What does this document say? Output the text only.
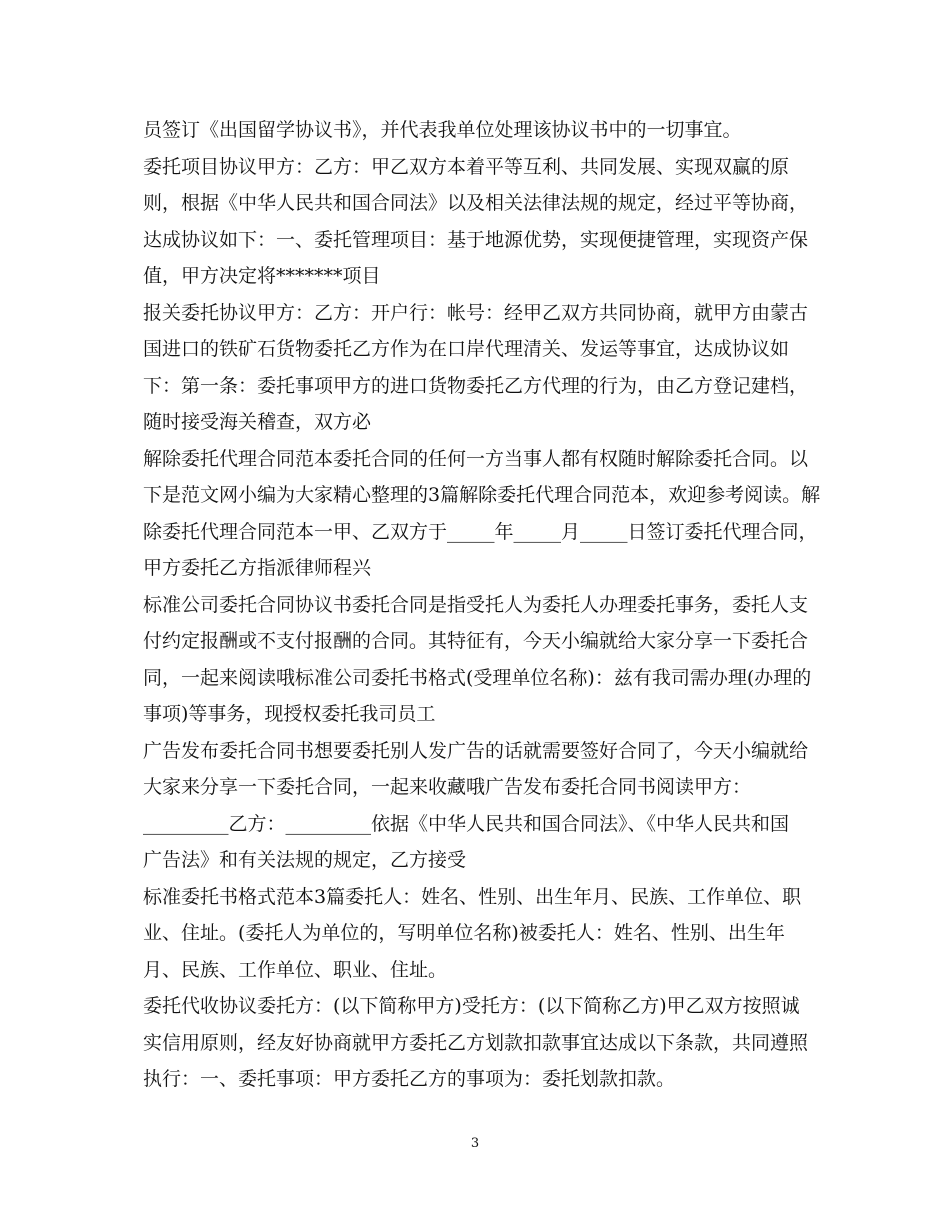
员签订《出国留学协议书》，并代表我单位处理该协议书中的一切事宜。

委托项目协议甲方：乙方：甲乙双方本着平等互利、共同发展、实现双赢的原
则，根据《中华人民共和国合同法》以及相关法律法规的规定，经过平等协商，
达成协议如下：一、委托管理项目：基于地源优势，实现便捷管理，实现资产保
值，甲方决定将*******项目

报关委托协议甲方：乙方：开户行：帐号：经甲乙双方共同协商，就甲方由蒙古
国进口的铁矿石货物委托乙方作为在口岸代理清关、发运等事宜，达成协议如
下：第一条：委托事项甲方的进口货物委托乙方代理的行为，由乙方登记建档，
随时接受海关稽查，双方必

解除委托代理合同范本委托合同的任何一方当事人都有权随时解除委托合同。以
下是范文网小编为大家精心整理的3篇解除委托代理合同范本，欢迎参考阅读。解
除委托代理合同范本一甲、乙双方于_____年_____月_____日签订委托代理合同，
甲方委托乙方指派律师程兴

标准公司委托合同协议书委托合同是指受托人为委托人办理委托事务，委托人支
付约定报酬或不支付报酬的合同。其特征有，今天小编就给大家分享一下委托合
同，一起来阅读哦标准公司委托书格式(受理单位名称)：兹有我司需办理(办理的
事项)等事务，现授权委托我司员工

广告发布委托合同书想要委托别人发广告的话就需要签好合同了，今天小编就给
大家来分享一下委托合同，一起来收藏哦广告发布委托合同书阅读甲方：
_________乙方：_________依据《中华人民共和国合同法》、《中华人民共和国
广告法》和有关法规的规定，乙方接受

标准委托书格式范本3篇委托人：姓名、性别、出生年月、民族、工作单位、职
业、住址。(委托人为单位的，写明单位名称)被委托人：姓名、性别、出生年
月、民族、工作单位、职业、住址。

委托代收协议委托方：(以下简称甲方)受托方：(以下简称乙方)甲乙双方按照诚
实信用原则，经友好协商就甲方委托乙方划款扣款事宜达成以下条款，共同遵照
执行：一、委托事项：甲方委托乙方的事项为：委托划款扣款。

3
